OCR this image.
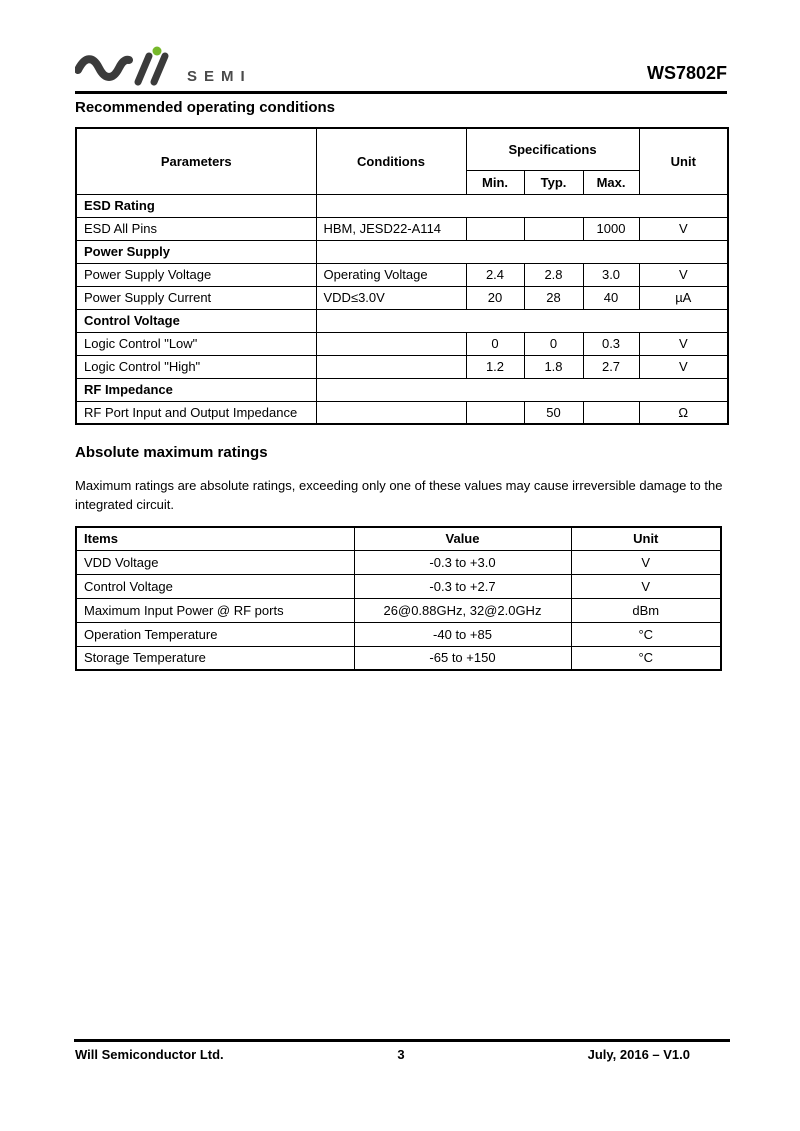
SEMI	WS7802F
Recommended operating conditions
Parameters	Conditions	Specifications			Unit
		Min.	Typ.	Max.	
ESD Rating					
ESD All Pins	HBM, JESD22-A114			1000	V
Power Supply					
Power Supply Voltage	Operating Voltage	2.4	2.8	3.0	V
Power Supply Current	VDD≤3.0V	20	28	40	µA
Control Voltage					
Logic Control "Low"		0	0	0.3	V
Logic Control "High"		1.2	1.8	2.7	V
RF Impedance					
RF Port Input and Output Impedance			50		Ω
Absolute maximum ratings

Maximum ratings are absolute ratings, exceeding only one of these values may cause irreversible damage to the integrated circuit.

Items	Value	Unit
VDD Voltage	-0.3 to +3.0	V
Control Voltage	-0.3 to +2.7	V
Maximum Input Power @ RF ports	26@0.88GHz, 32@2.0GHz	dBm
Operation Temperature	-40 to +85	°C
Storage Temperature	-65 to +150	°C
Will Semiconductor Ltd.	3	July, 2016 – V1.0
